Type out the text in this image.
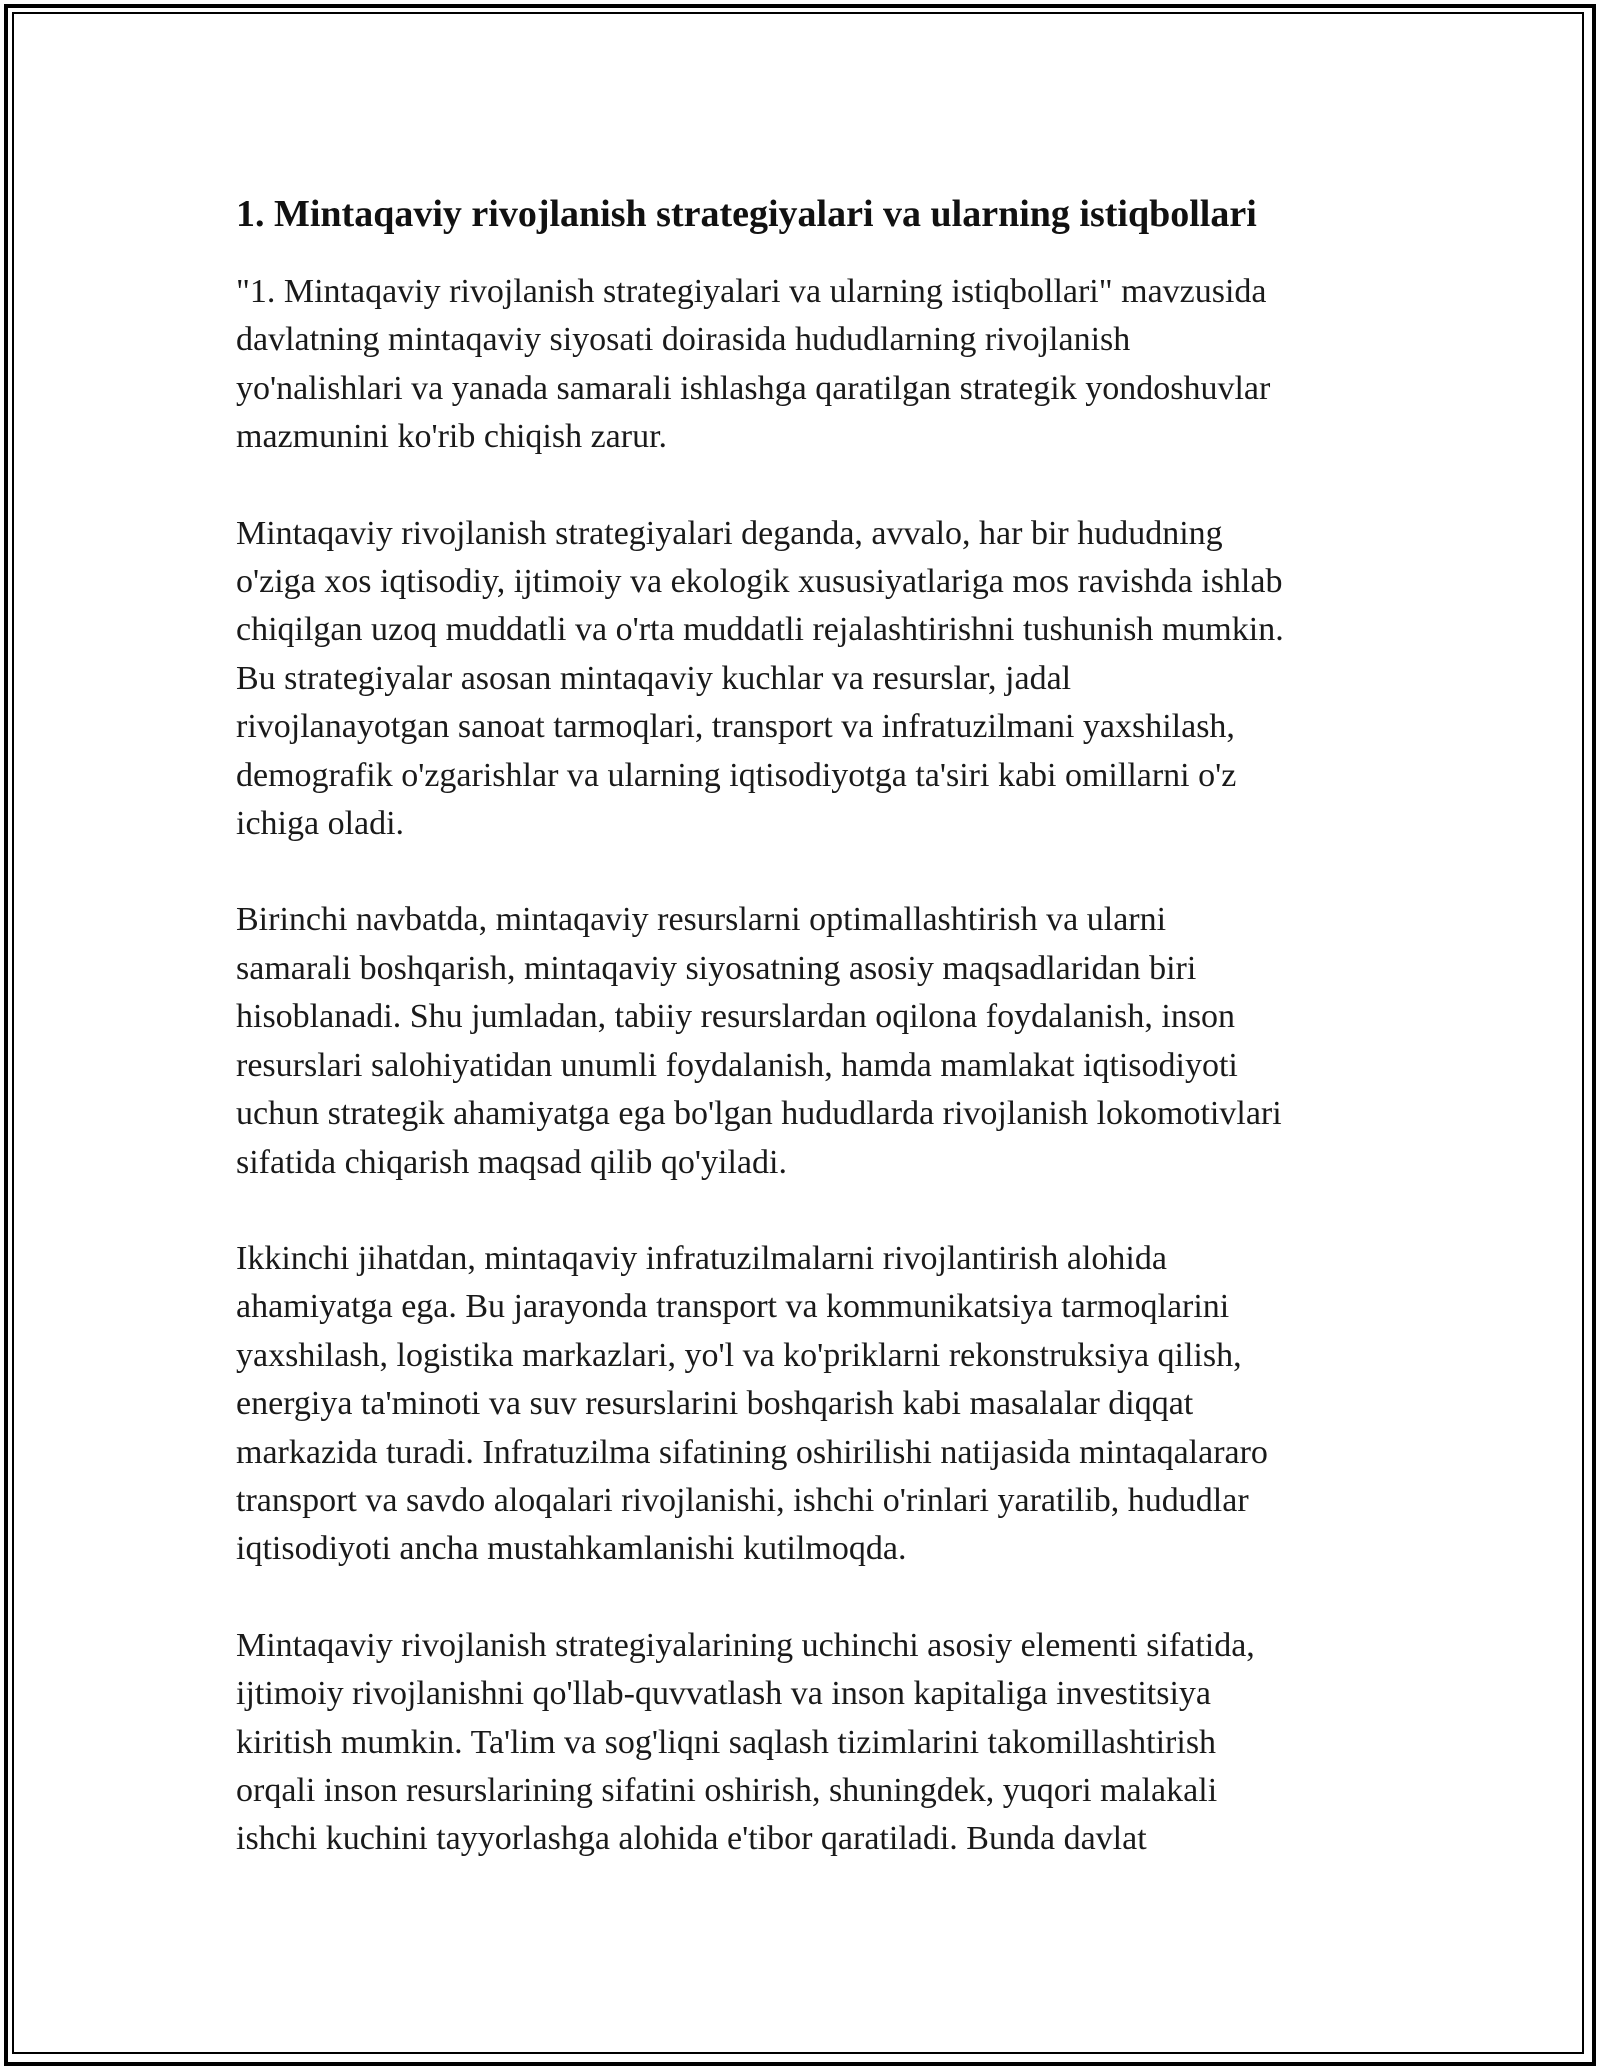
1. Mintaqaviy rivojlanish strategiyalari va ularning istiqbollari

"1. Mintaqaviy rivojlanish strategiyalari va ularning istiqbollari" mavzusida
davlatning mintaqaviy siyosati doirasida hududlarning rivojlanish
yo'nalishlari va yanada samarali ishlashga qaratilgan strategik yondoshuvlar
mazmunini ko'rib chiqish zarur.

Mintaqaviy rivojlanish strategiyalari deganda, avvalo, har bir hududning
o'ziga xos iqtisodiy, ijtimoiy va ekologik xususiyatlariga mos ravishda ishlab
chiqilgan uzoq muddatli va o'rta muddatli rejalashtirishni tushunish mumkin.
Bu strategiyalar asosan mintaqaviy kuchlar va resurslar, jadal
rivojlanayotgan sanoat tarmoqlari, transport va infratuzilmani yaxshilash,
demografik o'zgarishlar va ularning iqtisodiyotga ta'siri kabi omillarni o'z
ichiga oladi.

Birinchi navbatda, mintaqaviy resurslarni optimallashtirish va ularni
samarali boshqarish, mintaqaviy siyosatning asosiy maqsadlaridan biri
hisoblanadi. Shu jumladan, tabiiy resurslardan oqilona foydalanish, inson
resurslari salohiyatidan unumli foydalanish, hamda mamlakat iqtisodiyoti
uchun strategik ahamiyatga ega bo'lgan hududlarda rivojlanish lokomotivlari
sifatida chiqarish maqsad qilib qo'yiladi.

Ikkinchi jihatdan, mintaqaviy infratuzilmalarni rivojlantirish alohida
ahamiyatga ega. Bu jarayonda transport va kommunikatsiya tarmoqlarini
yaxshilash, logistika markazlari, yo'l va ko'priklarni rekonstruksiya qilish,
energiya ta'minoti va suv resurslarini boshqarish kabi masalalar diqqat
markazida turadi. Infratuzilma sifatining oshirilishi natijasida mintaqalararo
transport va savdo aloqalari rivojlanishi, ishchi o'rinlari yaratilib, hududlar
iqtisodiyoti ancha mustahkamlanishi kutilmoqda.

Mintaqaviy rivojlanish strategiyalarining uchinchi asosiy elementi sifatida,
ijtimoiy rivojlanishni qo'llab-quvvatlash va inson kapitaliga investitsiya
kiritish mumkin. Ta'lim va sog'liqni saqlash tizimlarini takomillashtirish
orqali inson resurslarining sifatini oshirish, shuningdek, yuqori malakali
ishchi kuchini tayyorlashga alohida e'tibor qaratiladi. Bunda davlat
